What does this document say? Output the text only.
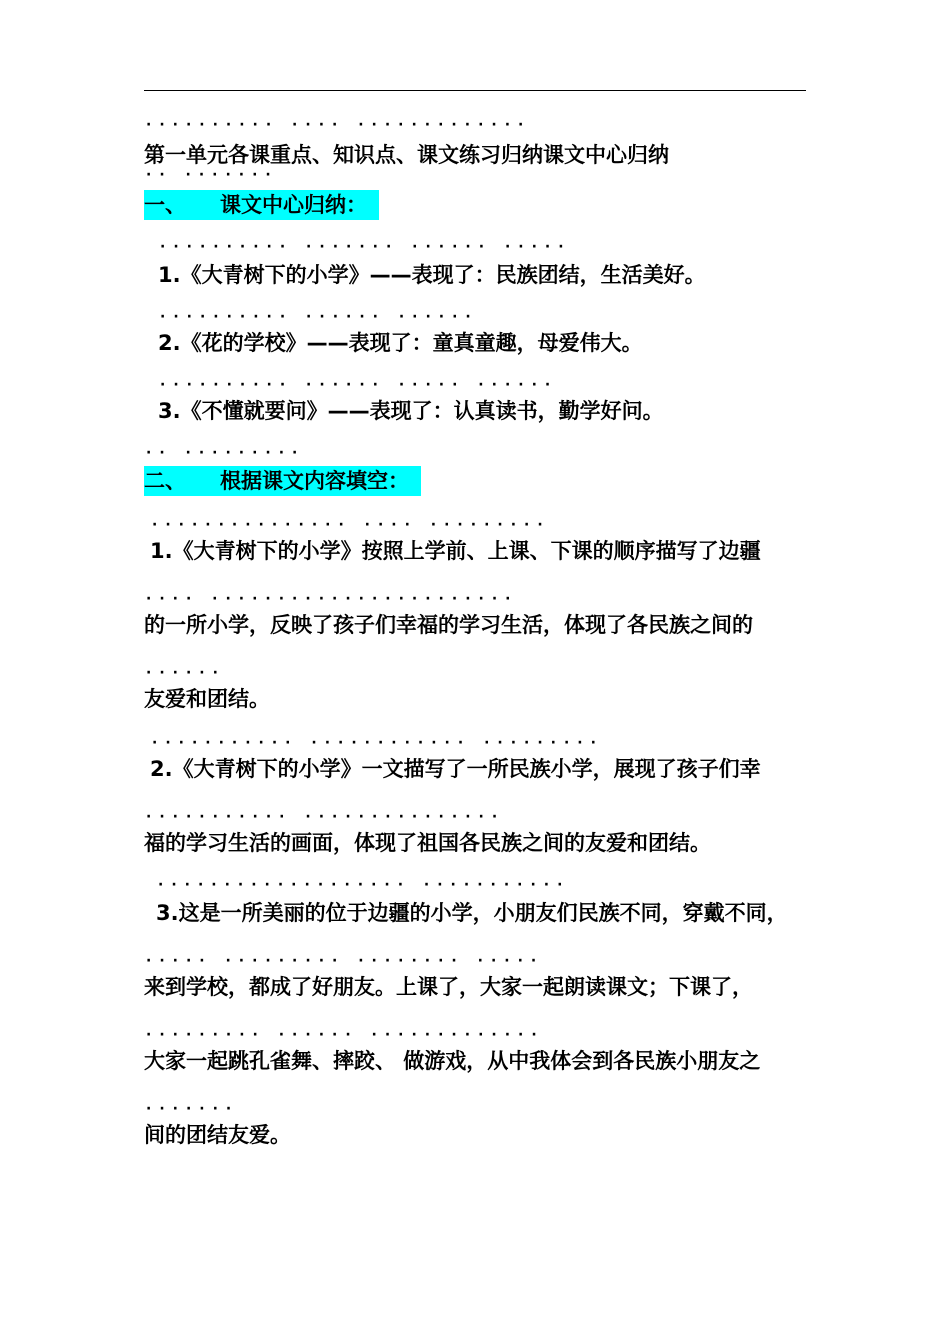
·········· ···· ·············
第一单元各课重点、知识点、课文练习归纳课文中心归纳
·· ·······
一、 课文中心归纳：
·········· ······· ······ ·····
1.《大青树下的小学》——表现了：民族团结，生活美好。
·········· ······ ······
2.《花的学校》——表现了：童真童趣，母爱伟大。
·········· ······ ····· ······
3.《不懂就要问》——表现了：认真读书，勤学好问。
·· ·········
二、 根据课文内容填空：
··············· ···· ·········
1.《大青树下的小学》按照上学前、上课、下课的顺序描写了边疆
···· ·······················
的一所小学，反映了孩子们幸福的学习生活，体现了各民族之间的
······
友爱和团结。
··········· ············ ·········
2.《大青树下的小学》一文描写了一所民族小学，展现了孩子们幸
··········· ···············
福的学习生活的画面，体现了祖国各民族之间的友爱和团结。
··················· ···········
3.这是一所美丽的位于边疆的小学，小朋友们民族不同，穿戴不同，
····· ········· ········ ·····
来到学校，都成了好朋友。上课了，大家一起朗读课文；下课了，
········· ······ ·············
大家一起跳孔雀舞、摔跤、 做游戏，从中我体会到各民族小朋友之
·······
间的团结友爱。
